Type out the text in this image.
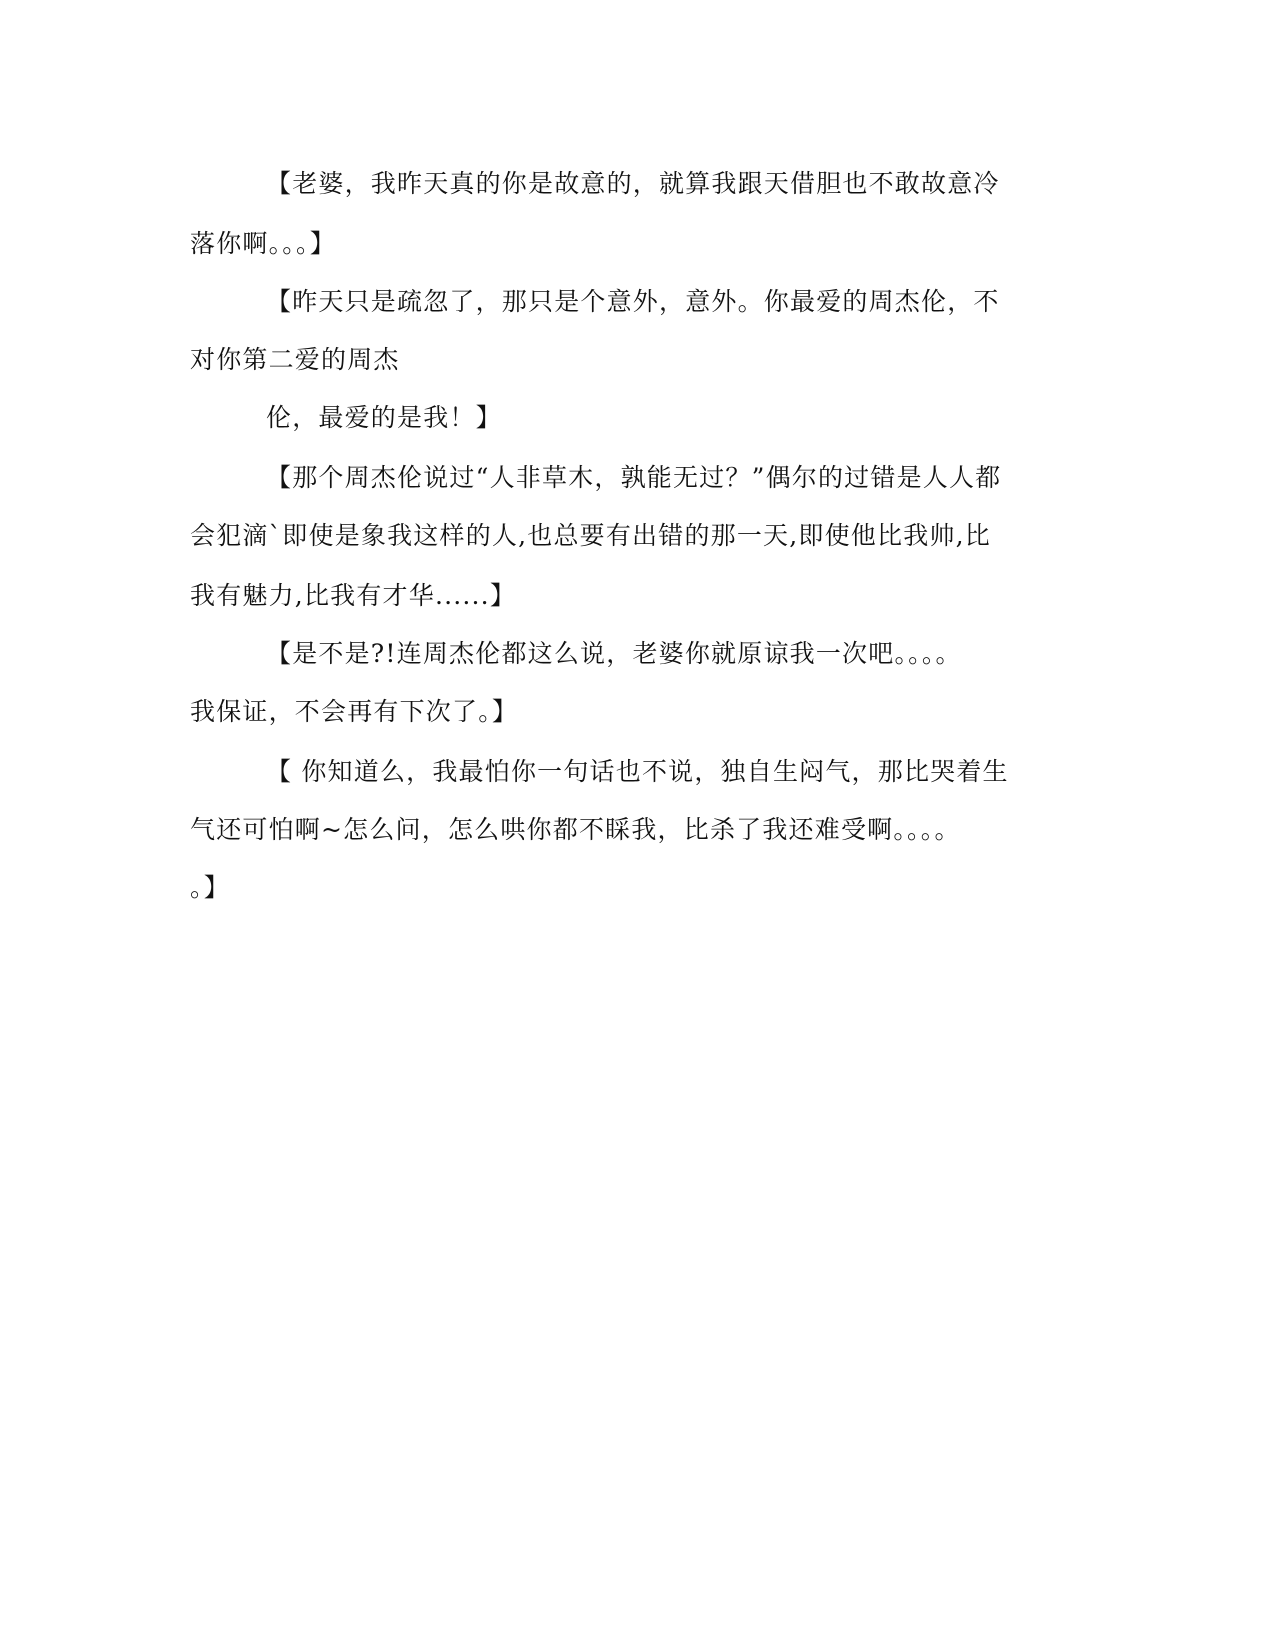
【老婆，我昨天真的你是故意的，就算我跟天借胆也不敢故意冷
落你啊。。。】
【昨天只是疏忽了，那只是个意外，意外。你最爱的周杰伦，不
对你第二爱的周杰
伦，最爱的是我！】
【那个周杰伦说过“人非草木，孰能无过？”偶尔的过错是人人都
会犯滴`即使是象我这样的人,也总要有出错的那一天,即使他比我帅,比
我有魅力,比我有才华......】
【是不是?!连周杰伦都这么说，老婆你就原谅我一次吧。。。。
我保证，不会再有下次了。】
【 你知道么，我最怕你一句话也不说，独自生闷气，那比哭着生
气还可怕啊~怎么问，怎么哄你都不睬我，比杀了我还难受啊。。。。
。】
